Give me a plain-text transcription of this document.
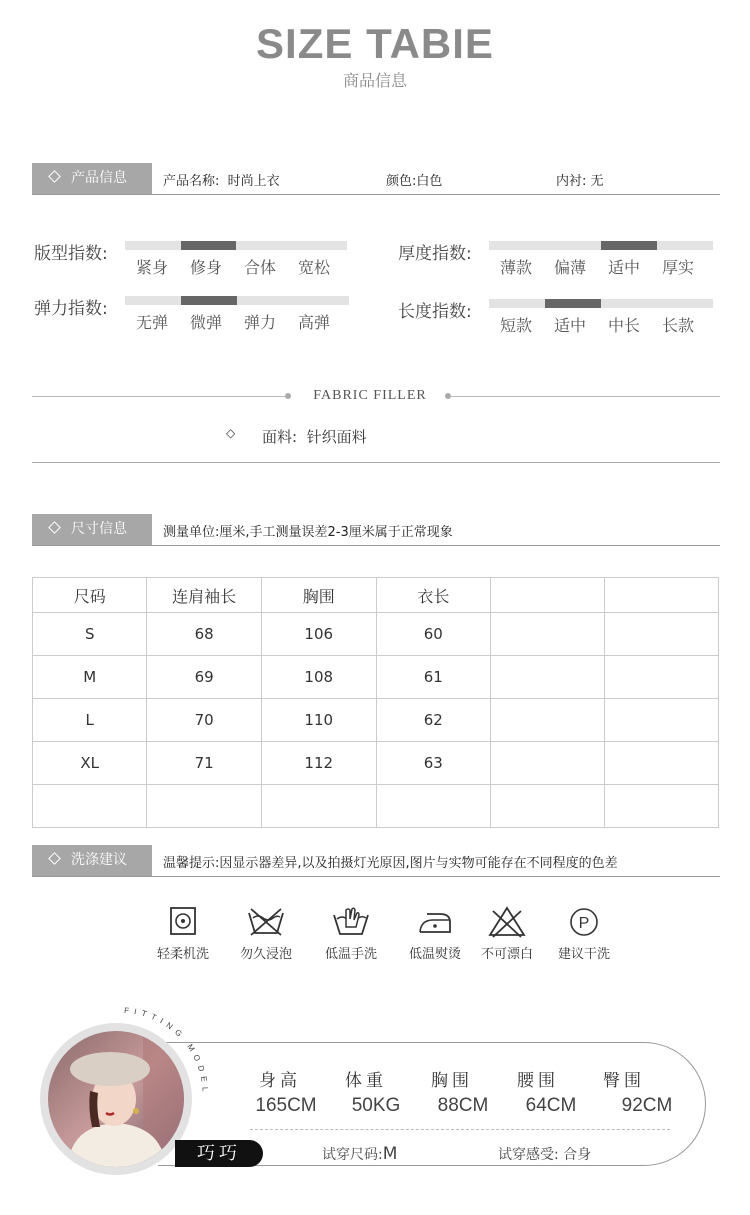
SIZE TABIE
商品信息
产品信息	产品名称: 时尚上衣	颜色:白色	内衬: 无
版型指数:
紧身	修身	合体	宽松
厚度指数:
薄款	偏薄	适中	厚实
弹力指数:
无弹	微弹	弹力	高弹
长度指数:
短款	适中	中长	长款
FABRIC FILLER
◇ 面料: 针织面料
尺寸信息	测量单位:厘米,手工测量误差2-3厘米属于正常现象
尺码	连肩袖长	胸围	衣长		
S	68	106	60		
M	69	108	61		
L	70	110	62		
XL	71	112	63		

洗涤建议	温馨提示:因显示器差异,以及拍摄灯光原因,图片与实物可能存在不同程度的色差
轻柔机洗	勿久浸泡	低温手洗	低温熨烫	不可漂白
P
建议干洗
FITTING MODEL
巧巧
身高	体重	胸围	腰围	臀围
165CM	50KG	88CM	64CM	92CM
试穿尺码:M	试穿感受: 合身
